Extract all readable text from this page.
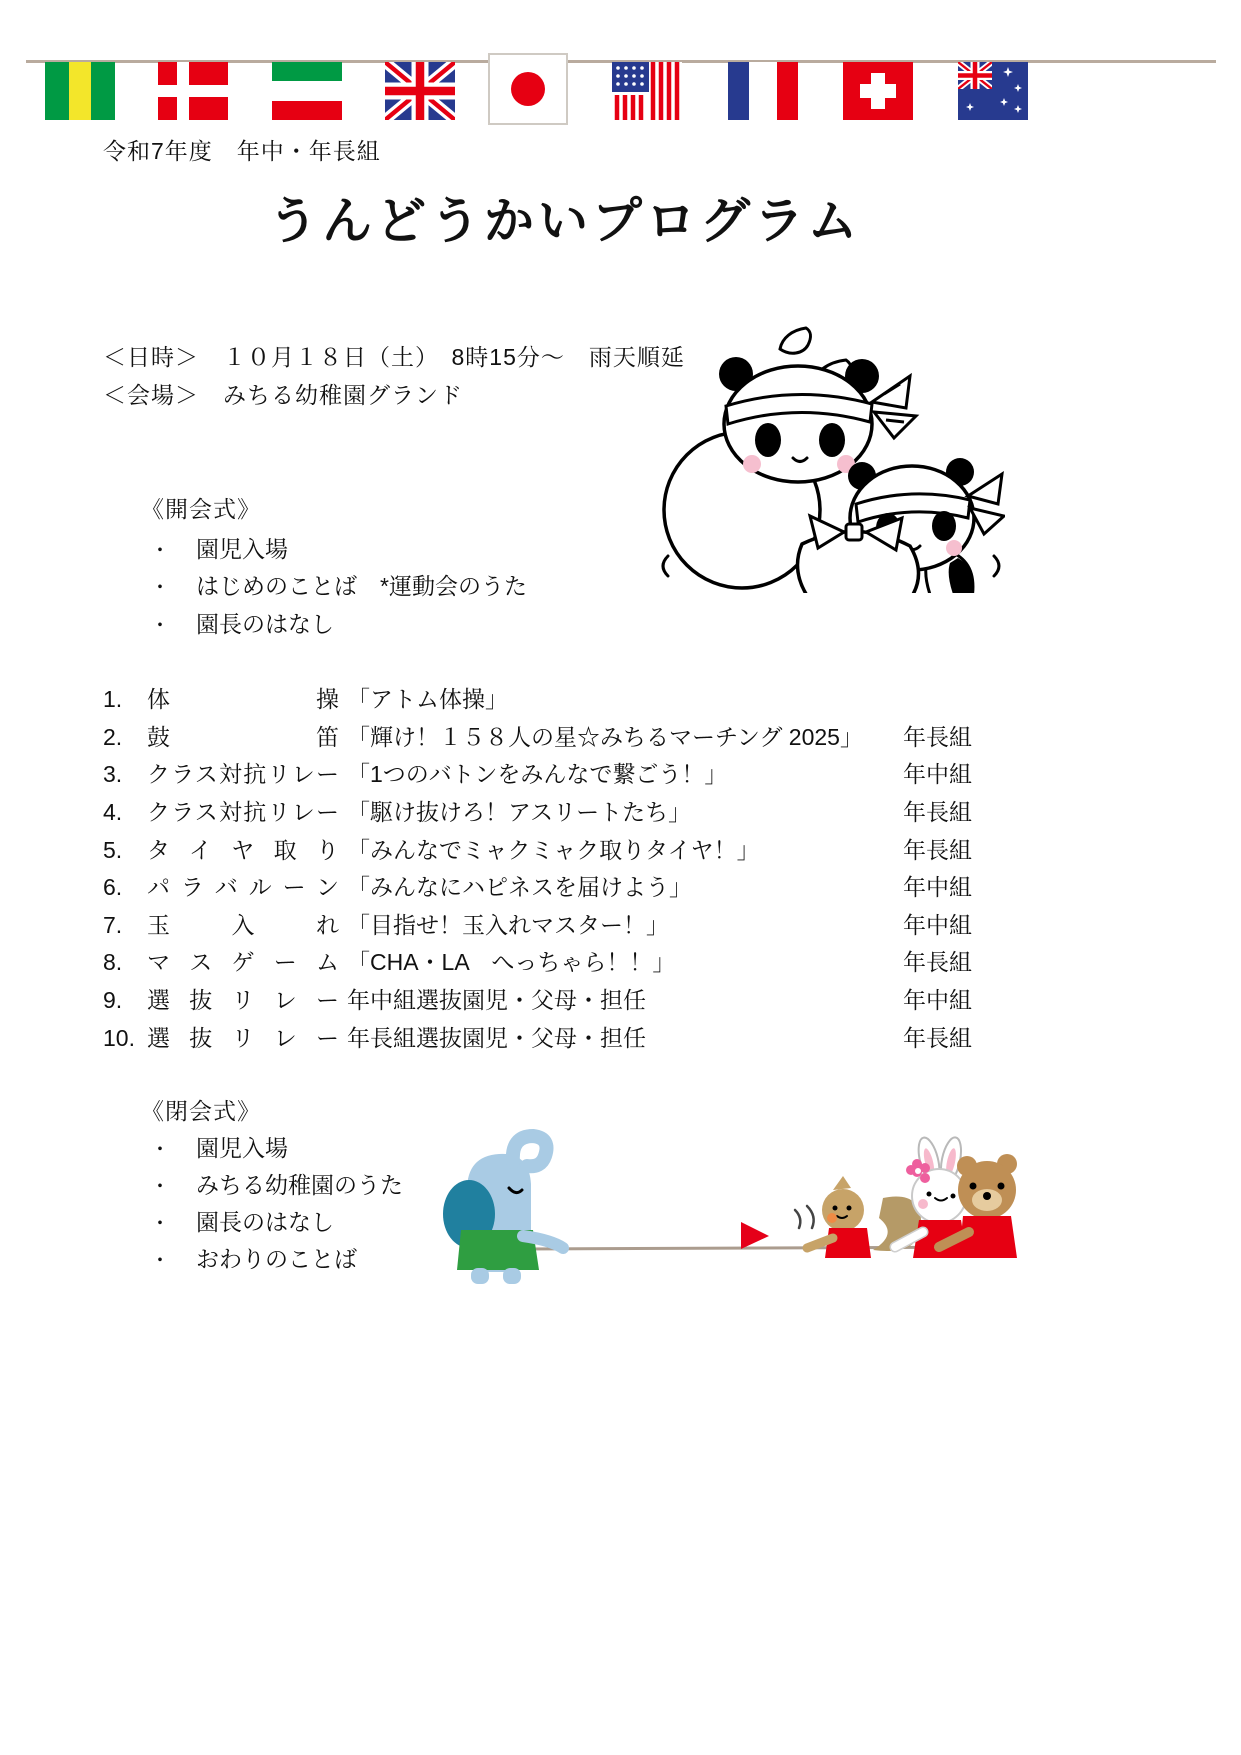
令和7年度　年中・年長組
うんどうかいプログラム
＜日時＞　１０月１８日（土）　8時15分～　雨天順延
＜会場＞　みちる幼稚園グランド
《開会式》
・ 園児入場
・ はじめのことば　*運動会のうた
・ 園長のはなし
1. 体操 「アトム体操」
2. 鼓笛 「輝け！１５８人の星☆みちるマーチング 2025」 年長組
3. クラス対抗リレー 「1つのバトンをみんなで繋ごう！」	年中組
4. クラス対抗リレー 「駆け抜けろ！アスリートたち」	年長組
5. タイヤ取り 「みんなでミャクミャク取りタイヤ！」	年長組
6. パラバルーン 「みんなにハピネスを届けよう」	年中組
7. 玉入れ 「目指せ！玉入れマスター！」	年中組
8. マスゲーム 「CHA・LA　へっちゃら！！」	年長組
9. 選抜リレー 年中組選抜園児・父母・担任	年中組
10. 選抜リレー 年長組選抜園児・父母・担任	年長組
《閉会式》
・ 園児入場
・ みちる幼稚園のうた
・ 園長のはなし
・ おわりのことば
